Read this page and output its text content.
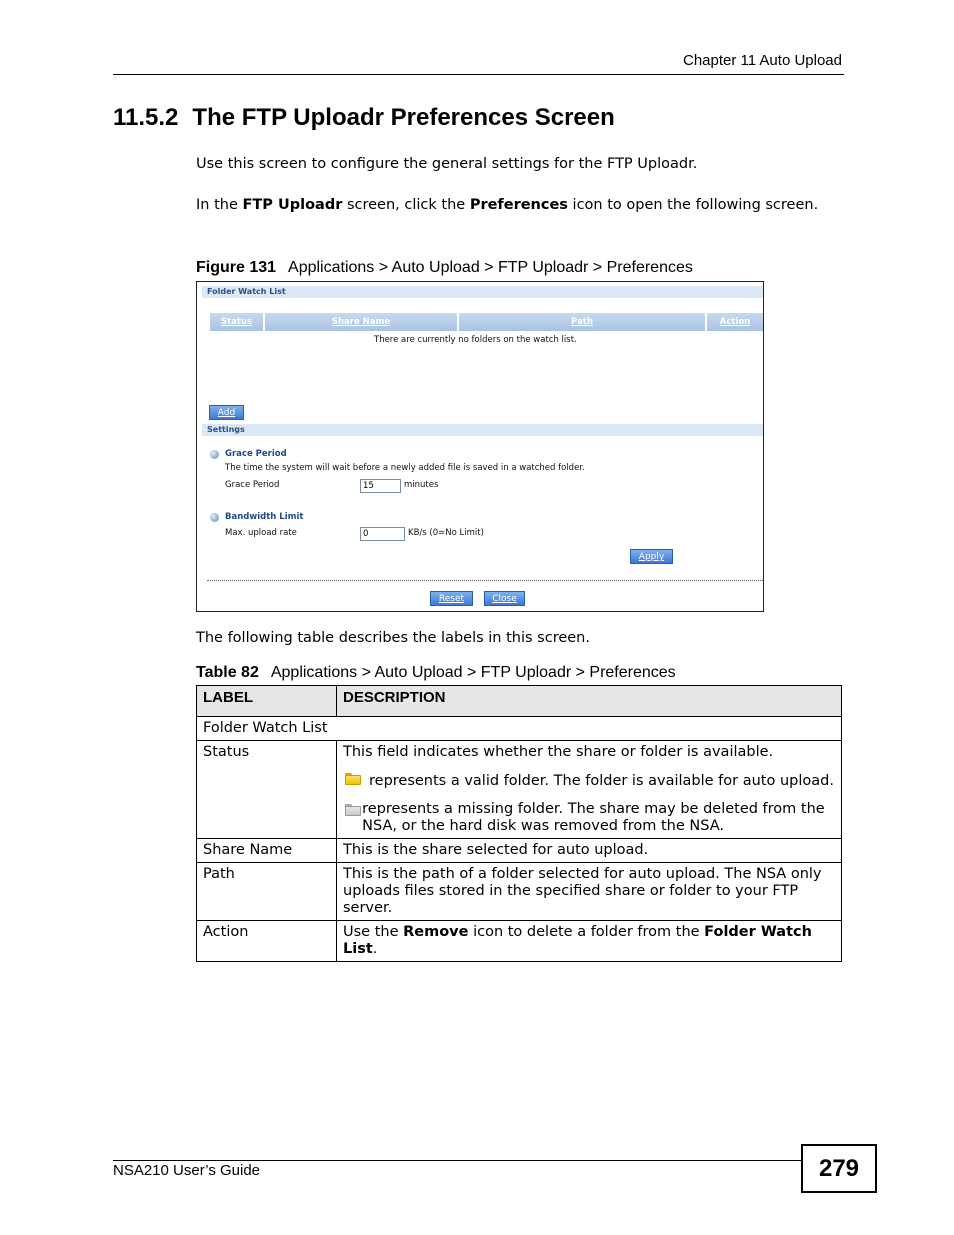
Chapter 11 Auto Upload
11.5.2 The FTP Uploadr Preferences Screen
Use this screen to configure the general settings for the FTP Uploadr.
In the FTP Uploadr screen, click the Preferences icon to open the following screen.
Figure 131 Applications > Auto Upload > FTP Uploadr > Preferences
Folder Watch List
Status	Share Name	Path	Action
There are currently no folders on the watch list.
Add
Settings
Grace Period
The time the system will wait before a newly added file is saved in a watched folder.
Grace Period	15	minutes
Bandwidth Limit
Max. upload rate	0	KB/s (0=No Limit)
Apply
Reset	Close
The following table describes the labels in this screen.
Table 82 Applications > Auto Upload > FTP Uploadr > Preferences
LABEL	DESCRIPTION
Folder Watch List	
Status	This field indicates whether the share or folder is available.
represents a valid folder. The folder is available for auto upload.
represents a missing folder. The share may be deleted from the NSA, or the hard disk was removed from the NSA.

Share Name	This is the share selected for auto upload.
Path	This is the path of a folder selected for auto upload. The NSA only uploads files stored in the specified share or folder to your FTP server.
Action	Use the Remove icon to delete a folder from the Folder Watch List.
NSA210 User’s Guide	279
